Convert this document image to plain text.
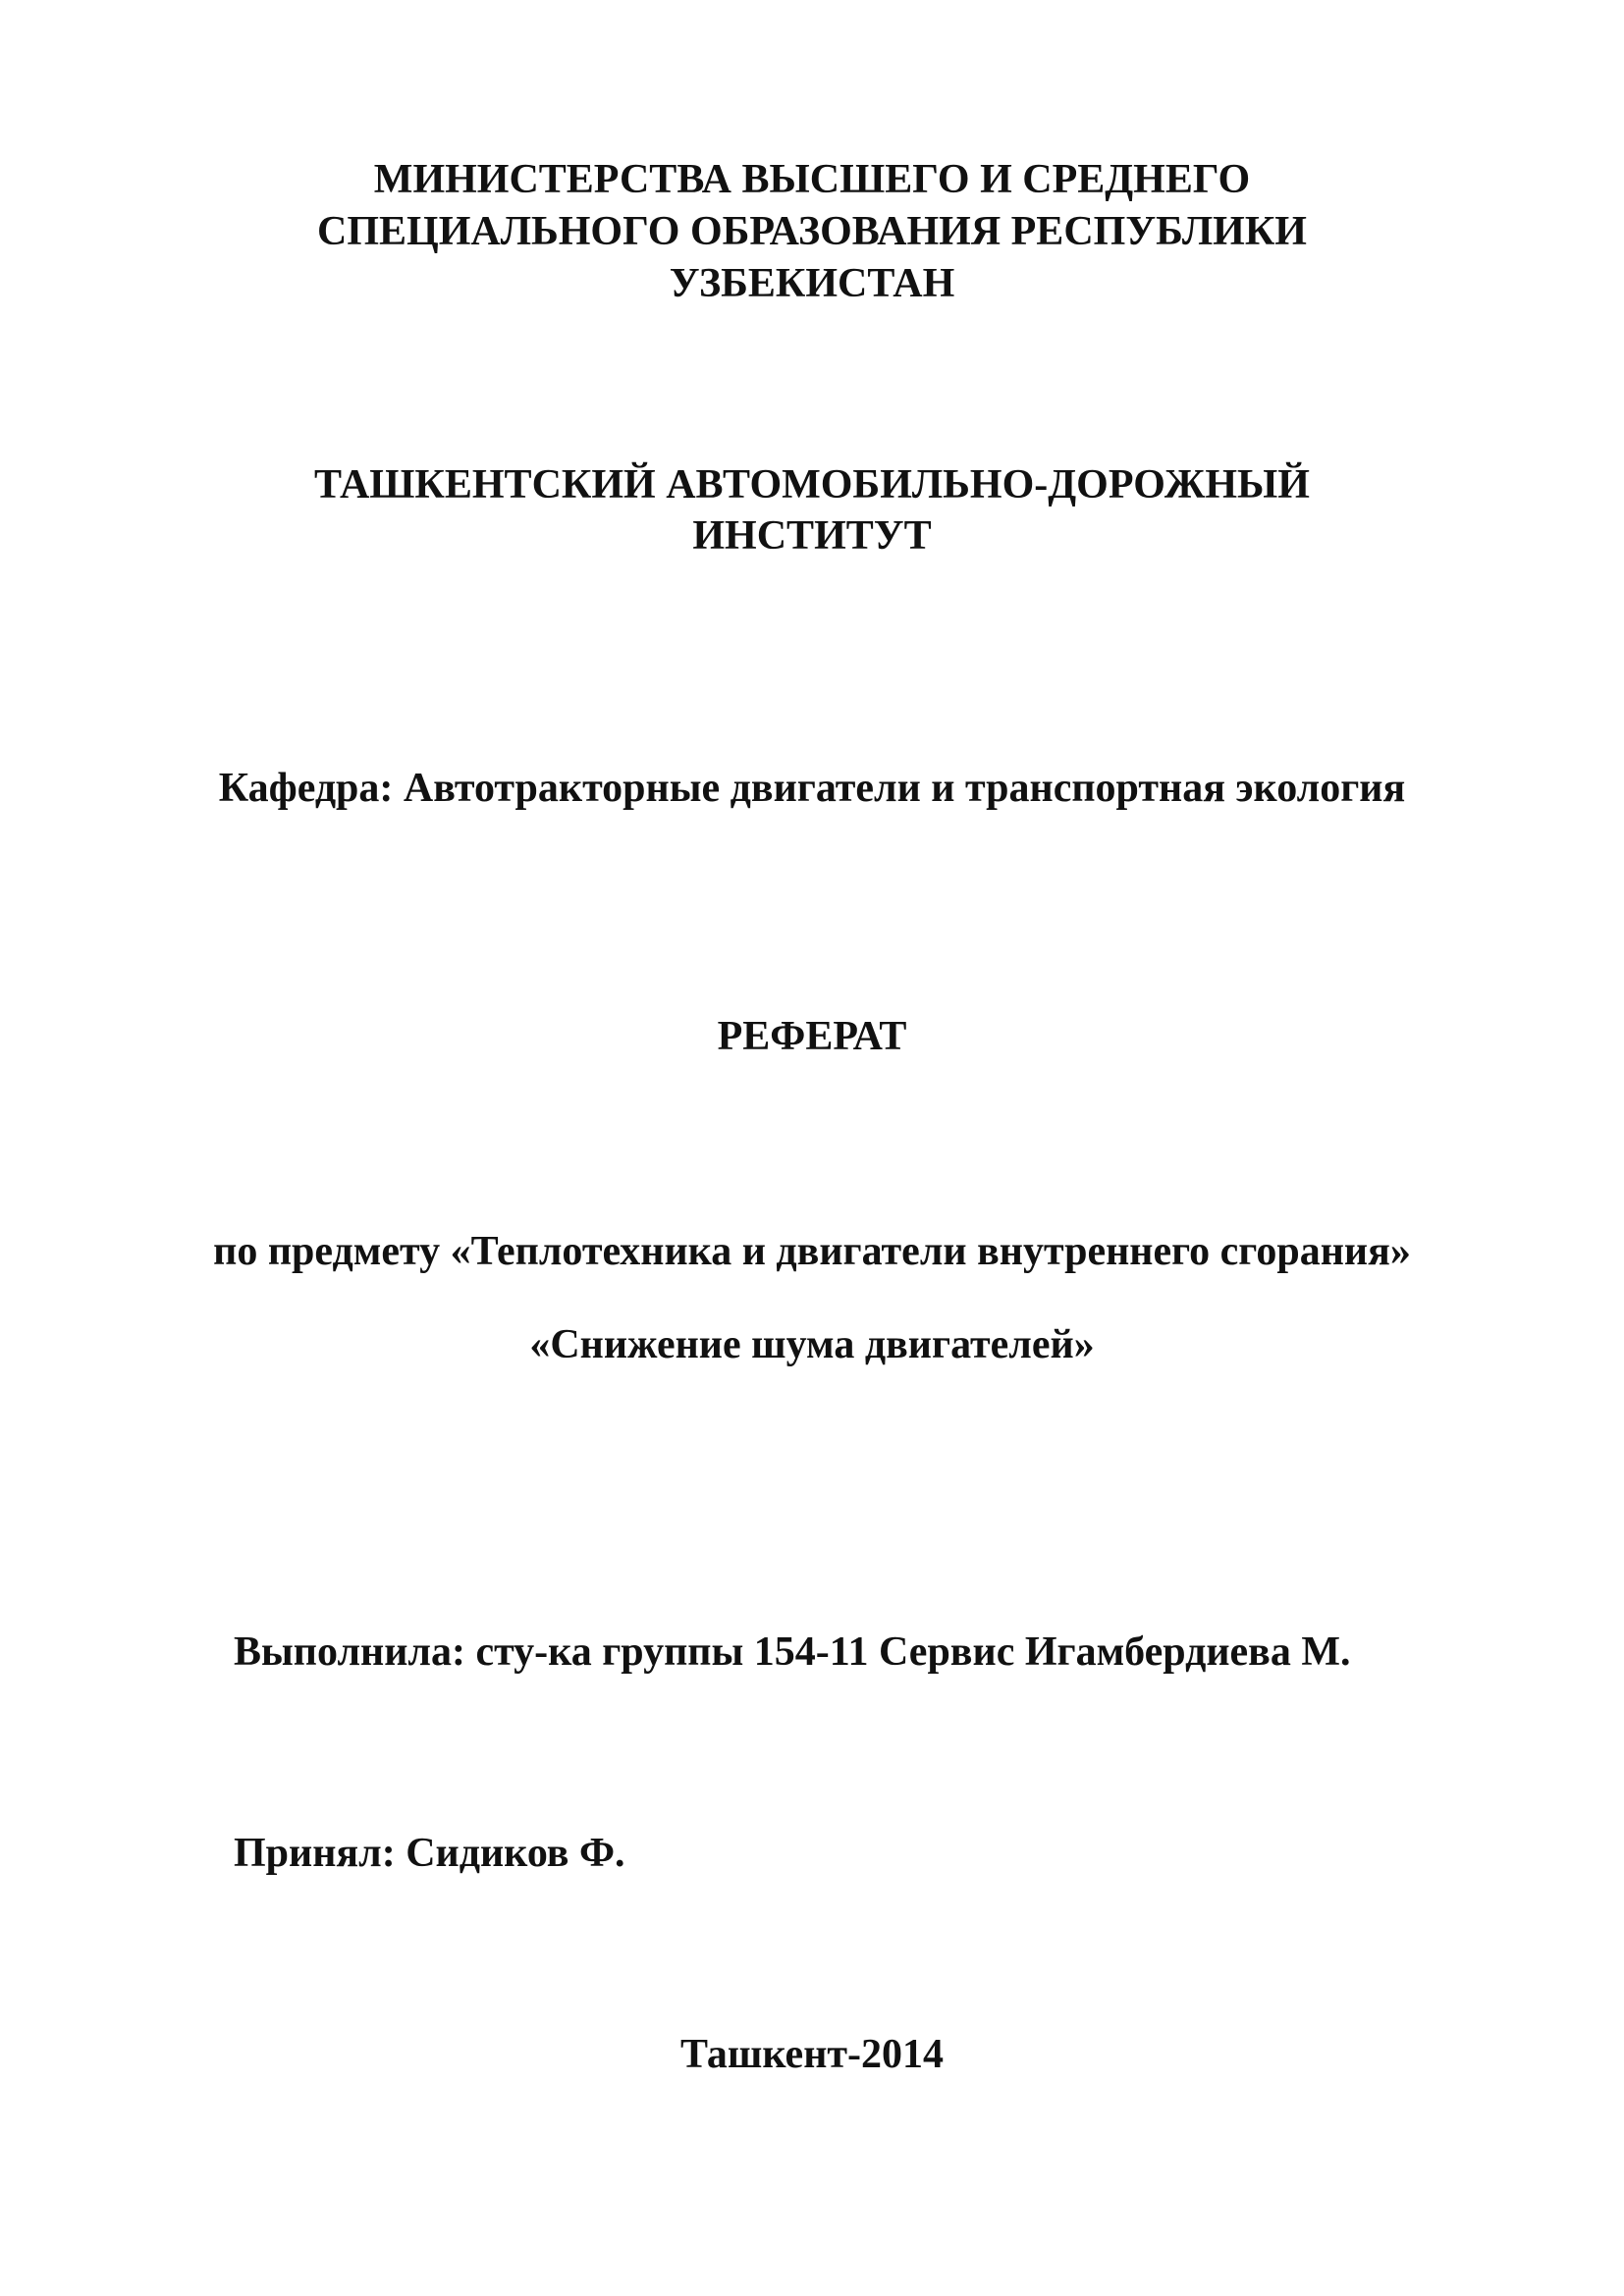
МИНИСТЕРСТВА ВЫСШЕГО И СРЕДНЕГО

СПЕЦИАЛЬНОГО ОБРАЗОВАНИЯ РЕСПУБЛИКИ

УЗБЕКИСТАН

ТАШКЕНТСКИЙ АВТОМОБИЛЬНО-ДОРОЖНЫЙ

ИНСТИТУТ

Кафедра: Автотракторные двигатели и транспортная экология

РЕФЕРАТ

по предмету «Теплотехника и двигатели внутреннего сгорания»

«Снижение шума двигателей»

Выполнила: сту-ка группы 154-11 Сервис Игамбердиева М.

Принял: Сидиков Ф.

Ташкент-2014
